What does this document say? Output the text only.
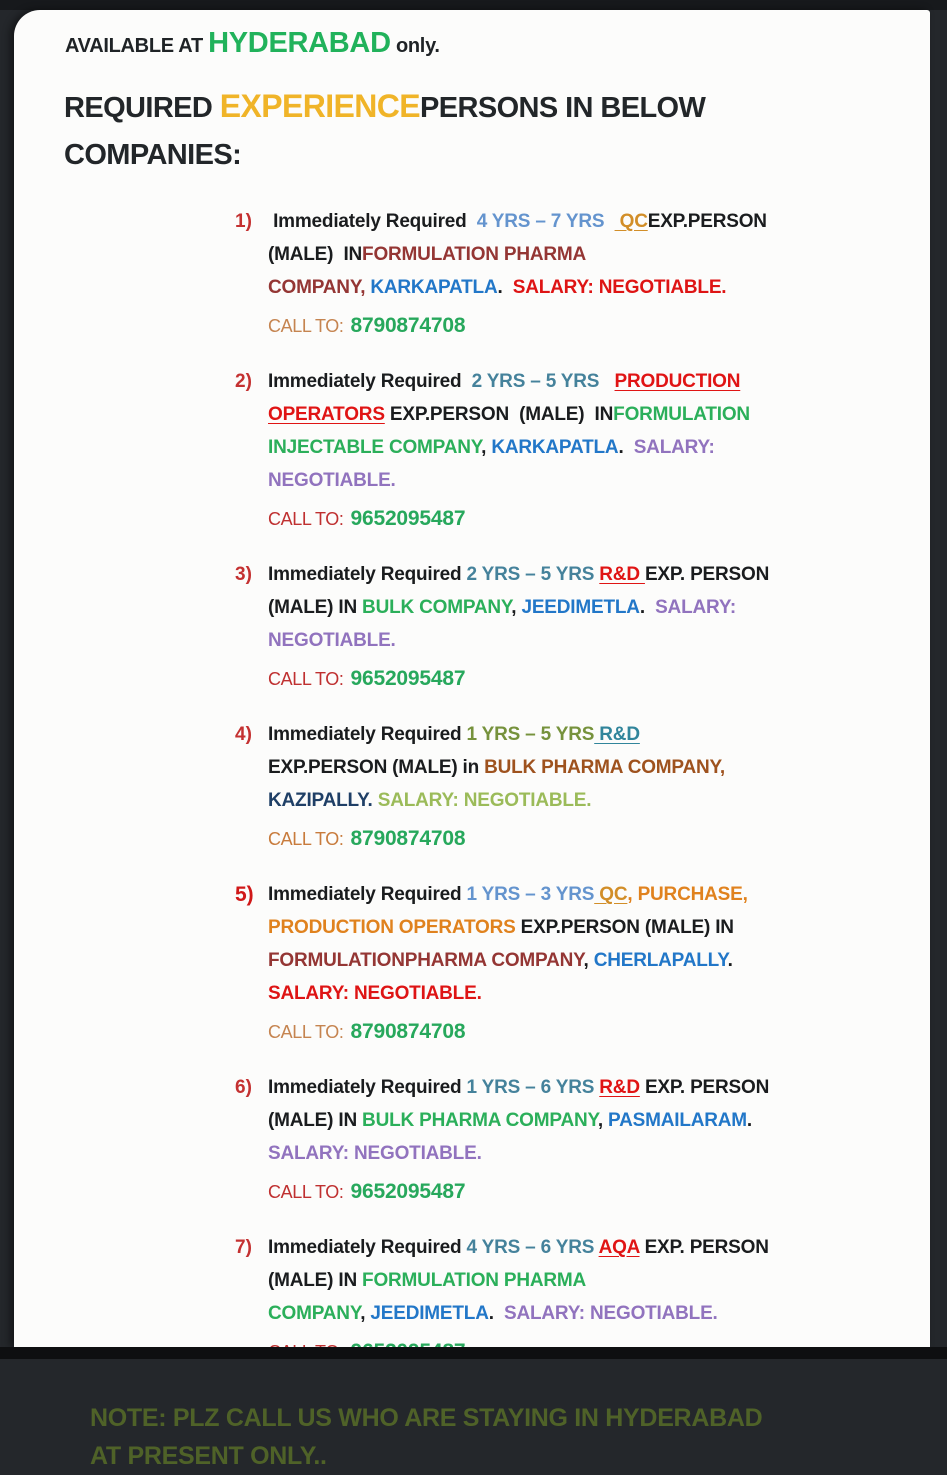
AVAILABLE AT HYDERABAD only.
REQUIRED EXPERIENCEPERSONS IN BELOW
COMPANIES:
1) Immediately Required  4 YRS – 7 YRS   QCEXP.PERSON
(MALE)  INFORMULATION PHARMA
COMPANY, KARKAPATLA.  SALARY: NEGOTIABLE.
CALL TO: 8790874708
2) Immediately Required  2 YRS – 5 YRS PRODUCTION
OPERATORS EXP.PERSON  (MALE)  INFORMULATION
INJECTABLE COMPANY, KARKAPATLA.  SALARY:
NEGOTIABLE.
CALL TO: 9652095487
3) Immediately Required 2 YRS – 5 YRS R&D EXP. PERSON
(MALE) IN BULK COMPANY, JEEDIMETLA.  SALARY:
NEGOTIABLE.
CALL TO: 9652095487
4) Immediately Required 1 YRS – 5 YRS R&D
EXP.PERSON (MALE) in BULK PHARMA COMPANY,
KAZIPALLY. SALARY: NEGOTIABLE.
CALL TO: 8790874708
5) Immediately Required 1 YRS – 3 YRS QC, PURCHASE,
PRODUCTION OPERATORS EXP.PERSON (MALE) IN
FORMULATIONPHARMA COMPANY, CHERLAPALLY.
SALARY: NEGOTIABLE.
CALL TO: 8790874708
6) Immediately Required 1 YRS – 6 YRS R&D EXP. PERSON
(MALE) IN BULK PHARMA COMPANY, PASMAILARAM.
SALARY: NEGOTIABLE.
CALL TO: 9652095487
7) Immediately Required 4 YRS – 6 YRS AQA EXP. PERSON
(MALE) IN FORMULATION PHARMA
COMPANY, JEEDIMETLA.  SALARY: NEGOTIABLE.
NOTE: PLZ CALL US WHO ARE STAYING IN HYDERABAD
AT PRESENT ONLY..
